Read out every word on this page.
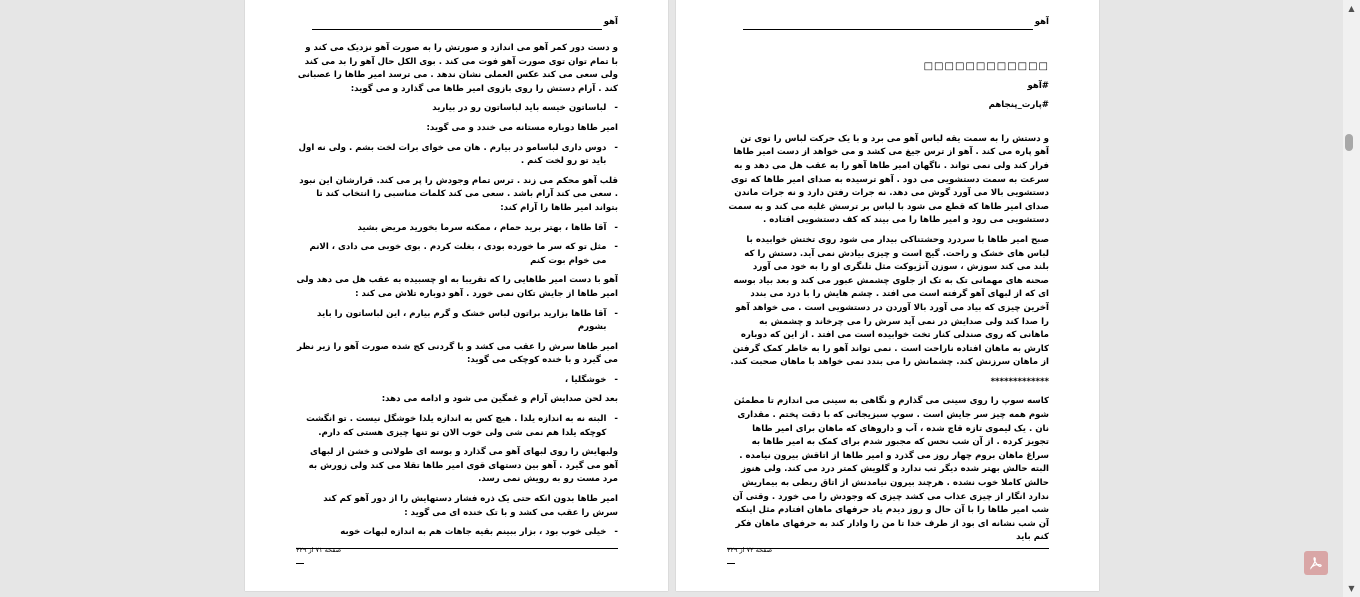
آهو

و دست دور کمر آهو می اندازد و صورتش را به صورت آهو نزدیک می کند و با تمام توان توی صورت آهو فوت می کند . بوی الکل حال آهو را بد می کند ولی سعی می کند عکس العملی نشان ندهد . می ترسد امیر طاها را عصبانی کند . آرام دستش را روی بازوی امیر طاها می گذارد و می گوید:

-
لباساتون خیسه باید لباساتون رو در بیارید

امیر طاها دوباره مستانه می خندد و می گوید:

-
دوس داری لباسامو در بیارم . هان می خوای برات لخت بشم . ولی نه اول باید تو رو لخت کنم .

قلب آهو محکم می زند . ترس تمام وجودش را پر می کند. قرارشان این نبود . سعی می کند آرام باشد . سعی می کند کلمات مناسبی را انتخاب کند تا بتواند امیر طاها را آرام کند:

-
آقا طاها ، بهتر برید حمام ، ممکنه سرما بخورید مریض بشید
-
مثل تو که سر ما خورده بودی ، بغلت کردم . بوی خوبی می دادی ، الانم می خوام بوت کنم

آهو با دست امیر طاهایی را که تقریبا به او چسبیده به عقب هل می دهد ولی امیر طاها از جایش تکان نمی خورد . آهو دوباره تلاش می کند :

-
آقا طاها بزارید براتون لباس خشک و گرم بیارم ، این لباساتون را باید بشورم

امیر طاها سرش را عقب می کشد و با گردنی کج شده صورت آهو را زیر نظر می گیرد و با خنده کوچکی می گوید:

-
خوشگلیا ،

بعد لحن صدایش آرام و غمگین می شود و ادامه می دهد:

-
البته نه به اندازه یلدا . هیچ کس به اندازه یلدا خوشگل نیست . تو انگشت کوچکه یلدا هم نمی شی ولی خوب الان تو تنها چیزی هستی که دارم.

ولبهایش را روی لبهای آهو می گذارد و بوسه ای طولانی و خشن از لبهای آهو می گیرد . آهو بین دستهای قوی امیر طاها تقلا می کند ولی زورش به مرد مست رو به رویش نمی رسد.

امیر طاها بدون انکه حتی یک ذره فشار دستهایش را از دور آهو کم کند سرش را عقب می کشد و با تک خنده ای می گوید :

-
خیلی خوب بود ، بزار ببینم بقیه جاهات هم به اندازه لبهات خوبه
صفحه ۷۱ از ۳۲۹
آهو
□□□□□□□□□□□□
#آهو
#پارت_پنجاهم

و دستش را به سمت یقه لباس آهو می برد و با یک حرکت لباس را توی تن آهو پاره می کند . آهو از ترس جیغ می کشد و می خواهد از دست امیر طاها فرار کند ولی نمی تواند . ناگهان امیر طاها آهو را به عقب هل می دهد و به سرعت به سمت دستشویی می دود . آهو ترسیده به صدای امیر طاها که توی دستشویی بالا می آورد گوش می دهد. نه جرات رفتن دارد و نه جرات ماندن صدای امیر طاها که قطع می شود با لباس بر ترسش غلبه می کند و به سمت دستشویی می رود و امیر طاها را می بیند که کف دستشویی افتاده .

صبح امیر طاها با سردرد وحشتناکی بیدار می شود روی تختش خوابیده با لباس های خشک و راحت. گیج است و چیزی بیادش نمی آید. دستش را که بلند می کند سوزش ، سوزن آنژیوکت مثل تلنگری او را به خود می آورد صحنه های مهمانی تک به تک از جلوی چشمش عبور می کند و بعد بیاد بوسه ای که از لبهای آهو گرفته است می افتد . چشم هایش را با درد می بندد آخرین چیزی که بیاد می آورد بالا آوردن در دستشویی است . می خواهد آهو را صدا کند ولی صدایش در نمی آید سرش را می چرخاند و چشمش به ماهانی که روی صندلی کنار تخت خوابیده است می افتد . از این که دوباره کارش به ماهان افتاده ناراحت است . نمی تواند آهو را به خاطر کمک گرفتن از ماهان سرزنش کند. چشمانش را می بندد نمی خواهد با ماهان صحبت کند.

*************

کاسه سوپ را روی سینی می گذارم و نگاهی به سینی می اندازم تا مطمئن شوم همه چیز سر جایش است . سوپ سبزیجاتی که با دقت پختم . مقداری نان . یک لیموی تازه قاچ شده ، آب و داروهای که ماهان برای امیر طاها تجویز کرده . از آن شب نحس که مجبور شدم برای کمک به امیر طاها به سراغ ماهان بروم چهار روز می گذرد و امیر طاها از اتاقش بیرون نیامده . البته حالش بهتر شده دیگر تب ندارد و گلویش کمتر درد می کند. ولی هنوز حالش کاملا خوب نشده . هرچند بیرون نیامدنش از اتاق ربطی به بیماریش ندارد انگار از چیزی عذاب می کشد چیزی که وجودش را می خورد . وقتی آن شب امیر طاها را با آن حال و روز دیدم یاد حرفهای ماهان افتادم مثل اینکه آن شب نشانه ای بود از طرف خدا تا من را وادار کند به حرفهای ماهان فکر کنم باید

صفحه ۷۲ از ۳۲۹
▲
▼
